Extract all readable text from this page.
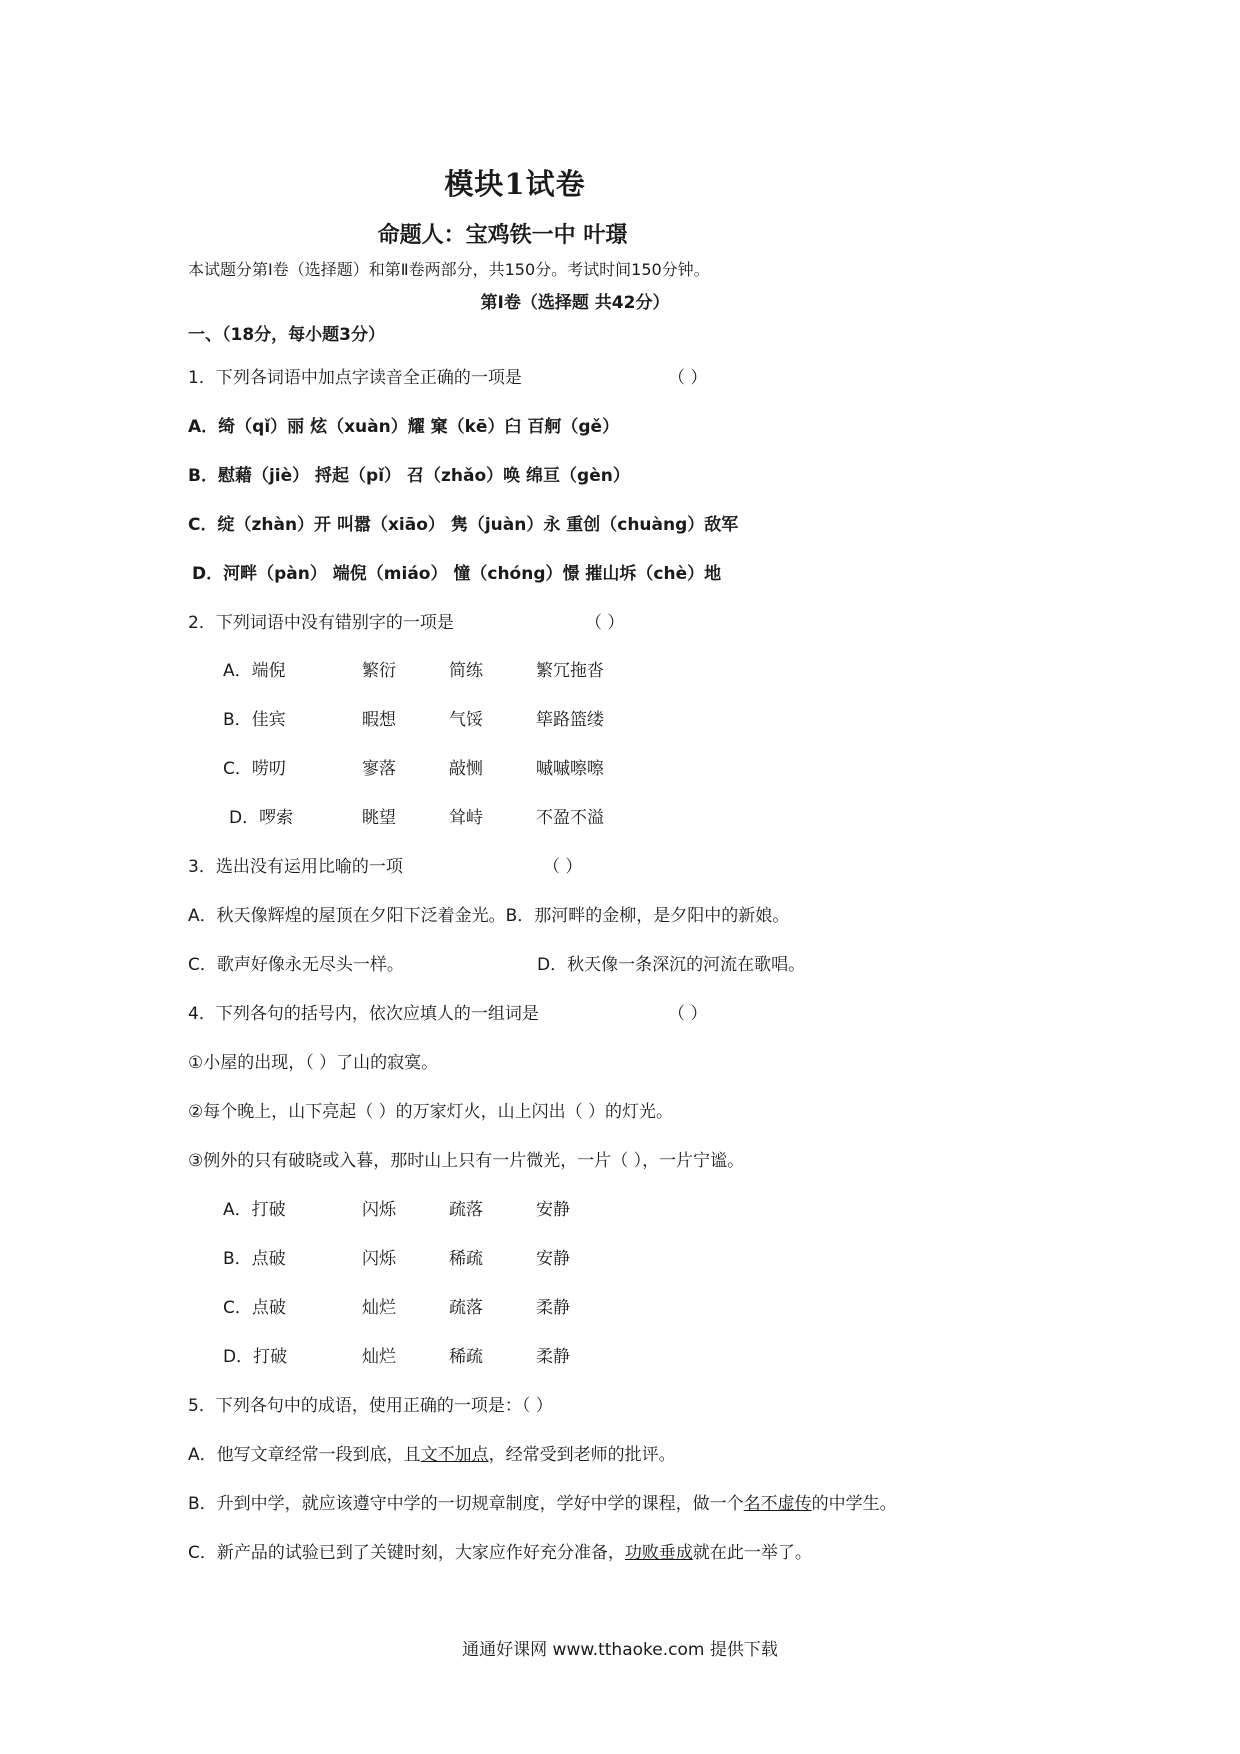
模块1试卷
命题人：宝鸡铁一中 叶璟
本试题分第Ⅰ卷（选择题）和第Ⅱ卷两部分，共150分。考试时间150分钟。
第Ⅰ卷（选择题 共42分）
一、（18分，每小题3分）
1．下列各词语中加点字读音全正确的一项是	（ ）
A．绮（qǐ）丽 炫（xuàn）耀 窠（kē）臼 百舸（gě）
B．慰藉（jiè） 捋起（pǐ） 召（zhǎo）唤 绵亘（gèn）
C．绽（zhàn）开 叫嚣（xiāo） 隽（juàn）永 重创（chuàng）敌军
D．河畔（pàn） 端倪（miáo） 憧（chóng）憬 摧山坼（chè）地
2．下列词语中没有错别字的一项是	（ ）
A．端倪	繁衍	简练	繁冗拖沓
B．佳宾	暇想	气馁	筚路篮缕
C．唠叨	寥落	敲恻	嘁嘁嚓嚓
D．啰索	眺望	耸峙	不盈不溢
3．选出没有运用比喻的一项	（ ）
A．秋天像辉煌的屋顶在夕阳下泛着金光。B．那河畔的金柳，是夕阳中的新娘。
C．歌声好像永无尽头一样。	D．秋天像一条深沉的河流在歌唱。
4．下列各句的括号内，依次应填人的一组词是	（ ）
①小屋的出现，（ ）了山的寂寞。
②每个晚上，山下亮起（ ）的万家灯火，山上闪出（ ）的灯光。
③例外的只有破晓或入暮，那时山上只有一片微光，一片（ ），一片宁谧。
A．打破	闪烁	疏落	安静
B．点破	闪烁	稀疏	安静
C．点破	灿烂	疏落	柔静
D．打破	灿烂	稀疏	柔静
5．下列各句中的成语，使用正确的一项是：（ ）
A．他写文章经常一段到底，且文不加点，经常受到老师的批评。
B．升到中学，就应该遵守中学的一切规章制度，学好中学的课程，做一个名不虚传的中学生。
C．新产品的试验已到了关键时刻，大家应作好充分准备，功败垂成就在此一举了。
通通好课网 www.tthaoke.com 提供下载
